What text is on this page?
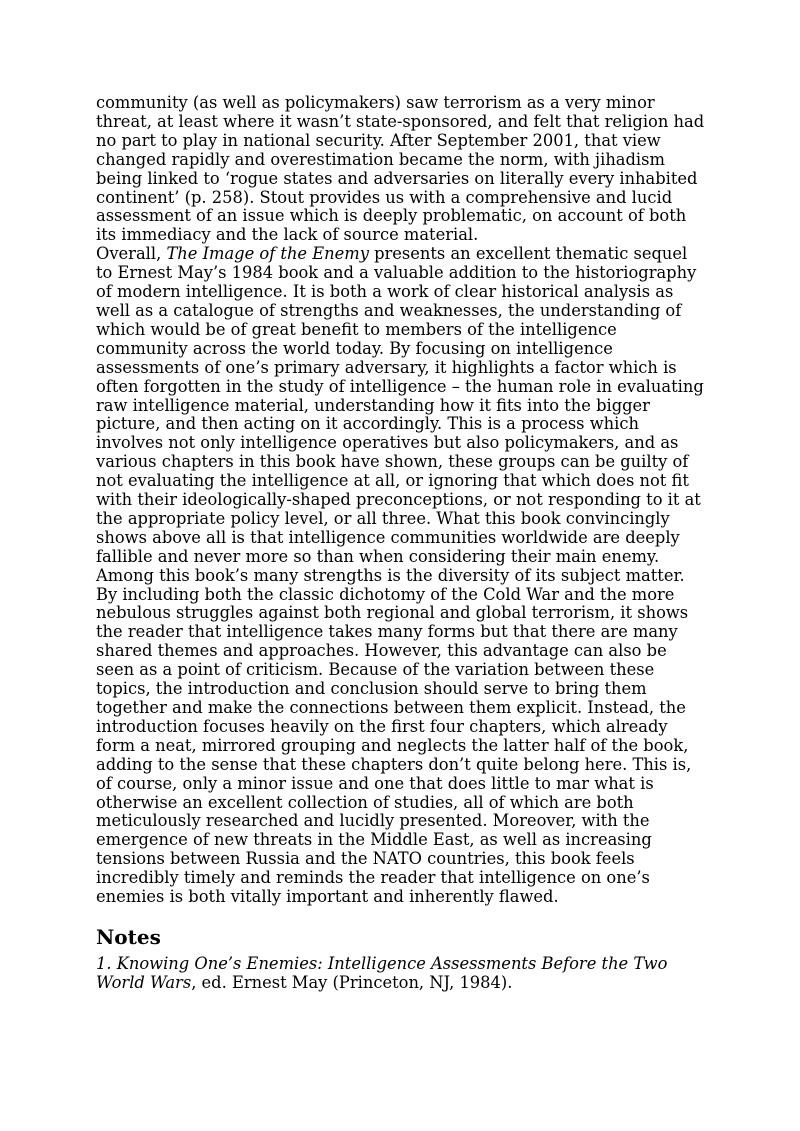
community (as well as policymakers) saw terrorism as a very minor threat, at least where it wasn’t state-sponsored, and felt that religion had no part to play in national security. After September 2001, that view changed rapidly and overestimation became the norm, with jihadism being linked to ‘rogue states and adversaries on literally every inhabited continent’ (p. 258). Stout provides us with a comprehensive and lucid assessment of an issue which is deeply problematic, on account of both its immediacy and the lack of source material.

Overall, The Image of the Enemy presents an excellent thematic sequel to Ernest May’s 1984 book and a valuable addition to the historiography of modern intelligence. It is both a work of clear historical analysis as well as a catalogue of strengths and weaknesses, the understanding of which would be of great benefit to members of the intelligence community across the world today. By focusing on intelligence assessments of one’s primary adversary, it highlights a factor which is often forgotten in the study of intelligence – the human role in evaluating raw intelligence material, understanding how it fits into the bigger picture, and then acting on it accordingly. This is a process which involves not only intelligence operatives but also policymakers, and as various chapters in this book have shown, these groups can be guilty of not evaluating the intelligence at all, or ignoring that which does not fit with their ideologically-shaped preconceptions, or not responding to it at the appropriate policy level, or all three. What this book convincingly shows above all is that intelligence communities worldwide are deeply fallible and never more so than when considering their main enemy.

Among this book’s many strengths is the diversity of its subject matter. By including both the classic dichotomy of the Cold War and the more nebulous struggles against both regional and global terrorism, it shows the reader that intelligence takes many forms but that there are many shared themes and approaches. However, this advantage can also be seen as a point of criticism. Because of the variation between these topics, the introduction and conclusion should serve to bring them together and make the connections between them explicit. Instead, the introduction focuses heavily on the first four chapters, which already form a neat, mirrored grouping and neglects the latter half of the book, adding to the sense that these chapters don’t quite belong here. This is, of course, only a minor issue and one that does little to mar what is otherwise an excellent collection of studies, all of which are both meticulously researched and lucidly presented. Moreover, with the emergence of new threats in the Middle East, as well as increasing tensions between Russia and the NATO countries, this book feels incredibly timely and reminds the reader that intelligence on one’s enemies is both vitally important and inherently flawed.

Notes

1. Knowing One’s Enemies: Intelligence Assessments Before the Two World Wars, ed. Ernest May (Princeton, NJ, 1984).
